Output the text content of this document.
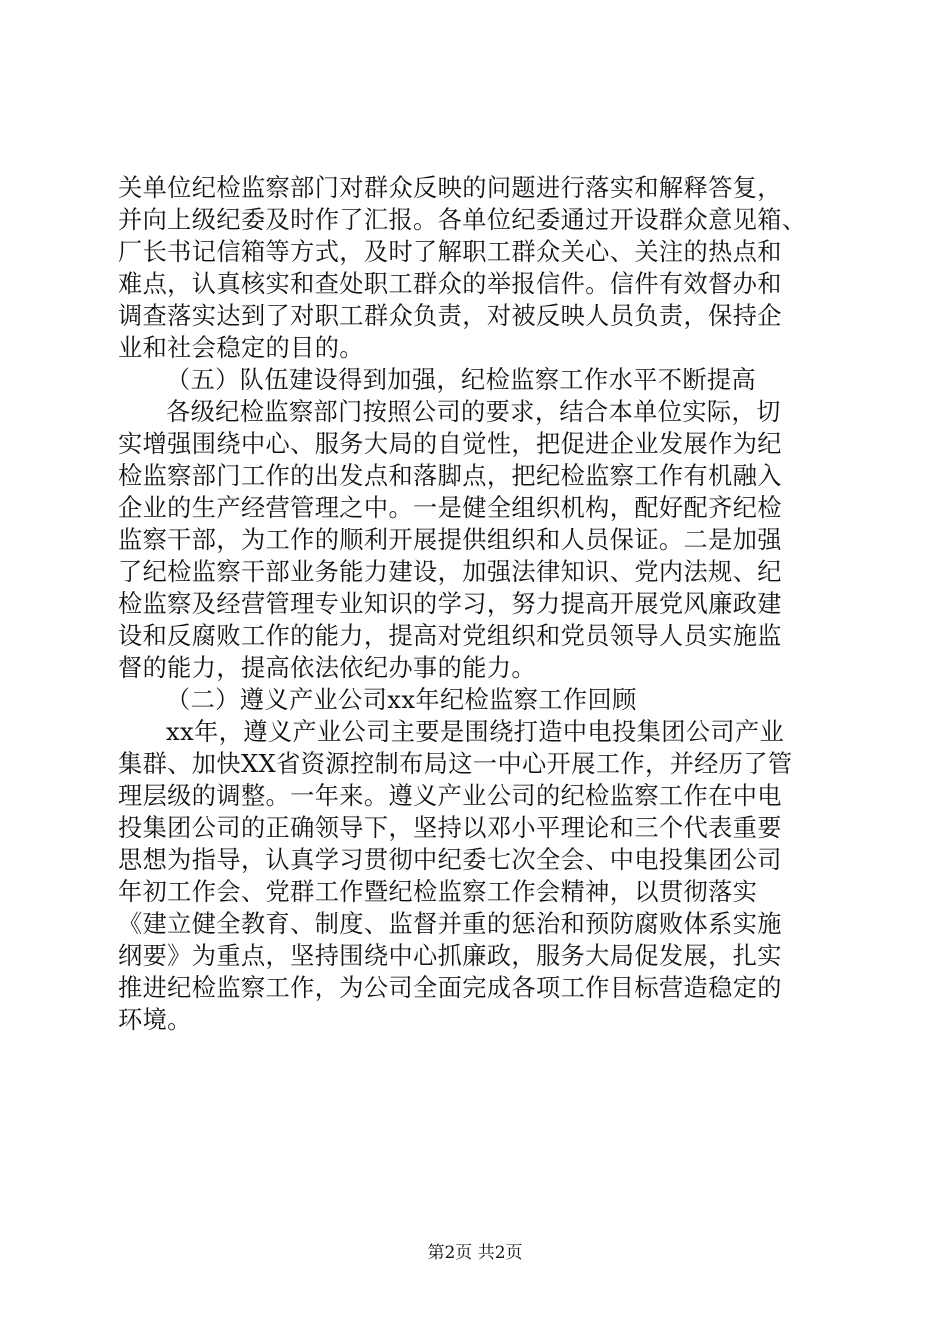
关单位纪检监察部门对群众反映的问题进行落实和解释答复，
并向上级纪委及时作了汇报。各单位纪委通过开设群众意见箱、
厂长书记信箱等方式，及时了解职工群众关心、关注的热点和
难点，认真核实和查处职工群众的举报信件。信件有效督办和
调查落实达到了对职工群众负责，对被反映人员负责，保持企
业和社会稳定的目的。
（五）队伍建设得到加强，纪检监察工作水平不断提高
各级纪检监察部门按照公司的要求，结合本单位实际，切
实增强围绕中心、服务大局的自觉性，把促进企业发展作为纪
检监察部门工作的出发点和落脚点，把纪检监察工作有机融入
企业的生产经营管理之中。一是健全组织机构，配好配齐纪检
监察干部，为工作的顺利开展提供组织和人员保证。二是加强
了纪检监察干部业务能力建设，加强法律知识、党内法规、纪
检监察及经营管理专业知识的学习，努力提高开展党风廉政建
设和反腐败工作的能力，提高对党组织和党员领导人员实施监
督的能力，提高依法依纪办事的能力。
（二）遵义产业公司xx年纪检监察工作回顾
xx年，遵义产业公司主要是围绕打造中电投集团公司产业
集群、加快XX省资源控制布局这一中心开展工作，并经历了管
理层级的调整。一年来。遵义产业公司的纪检监察工作在中电
投集团公司的正确领导下，坚持以邓小平理论和三个代表重要
思想为指导，认真学习贯彻中纪委七次全会、中电投集团公司
年初工作会、党群工作暨纪检监察工作会精神，以贯彻落实
《建立健全教育、制度、监督并重的惩治和预防腐败体系实施
纲要》为重点，坚持围绕中心抓廉政，服务大局促发展，扎实
推进纪检监察工作，为公司全面完成各项工作目标营造稳定的
环境。
第2页 共2页
